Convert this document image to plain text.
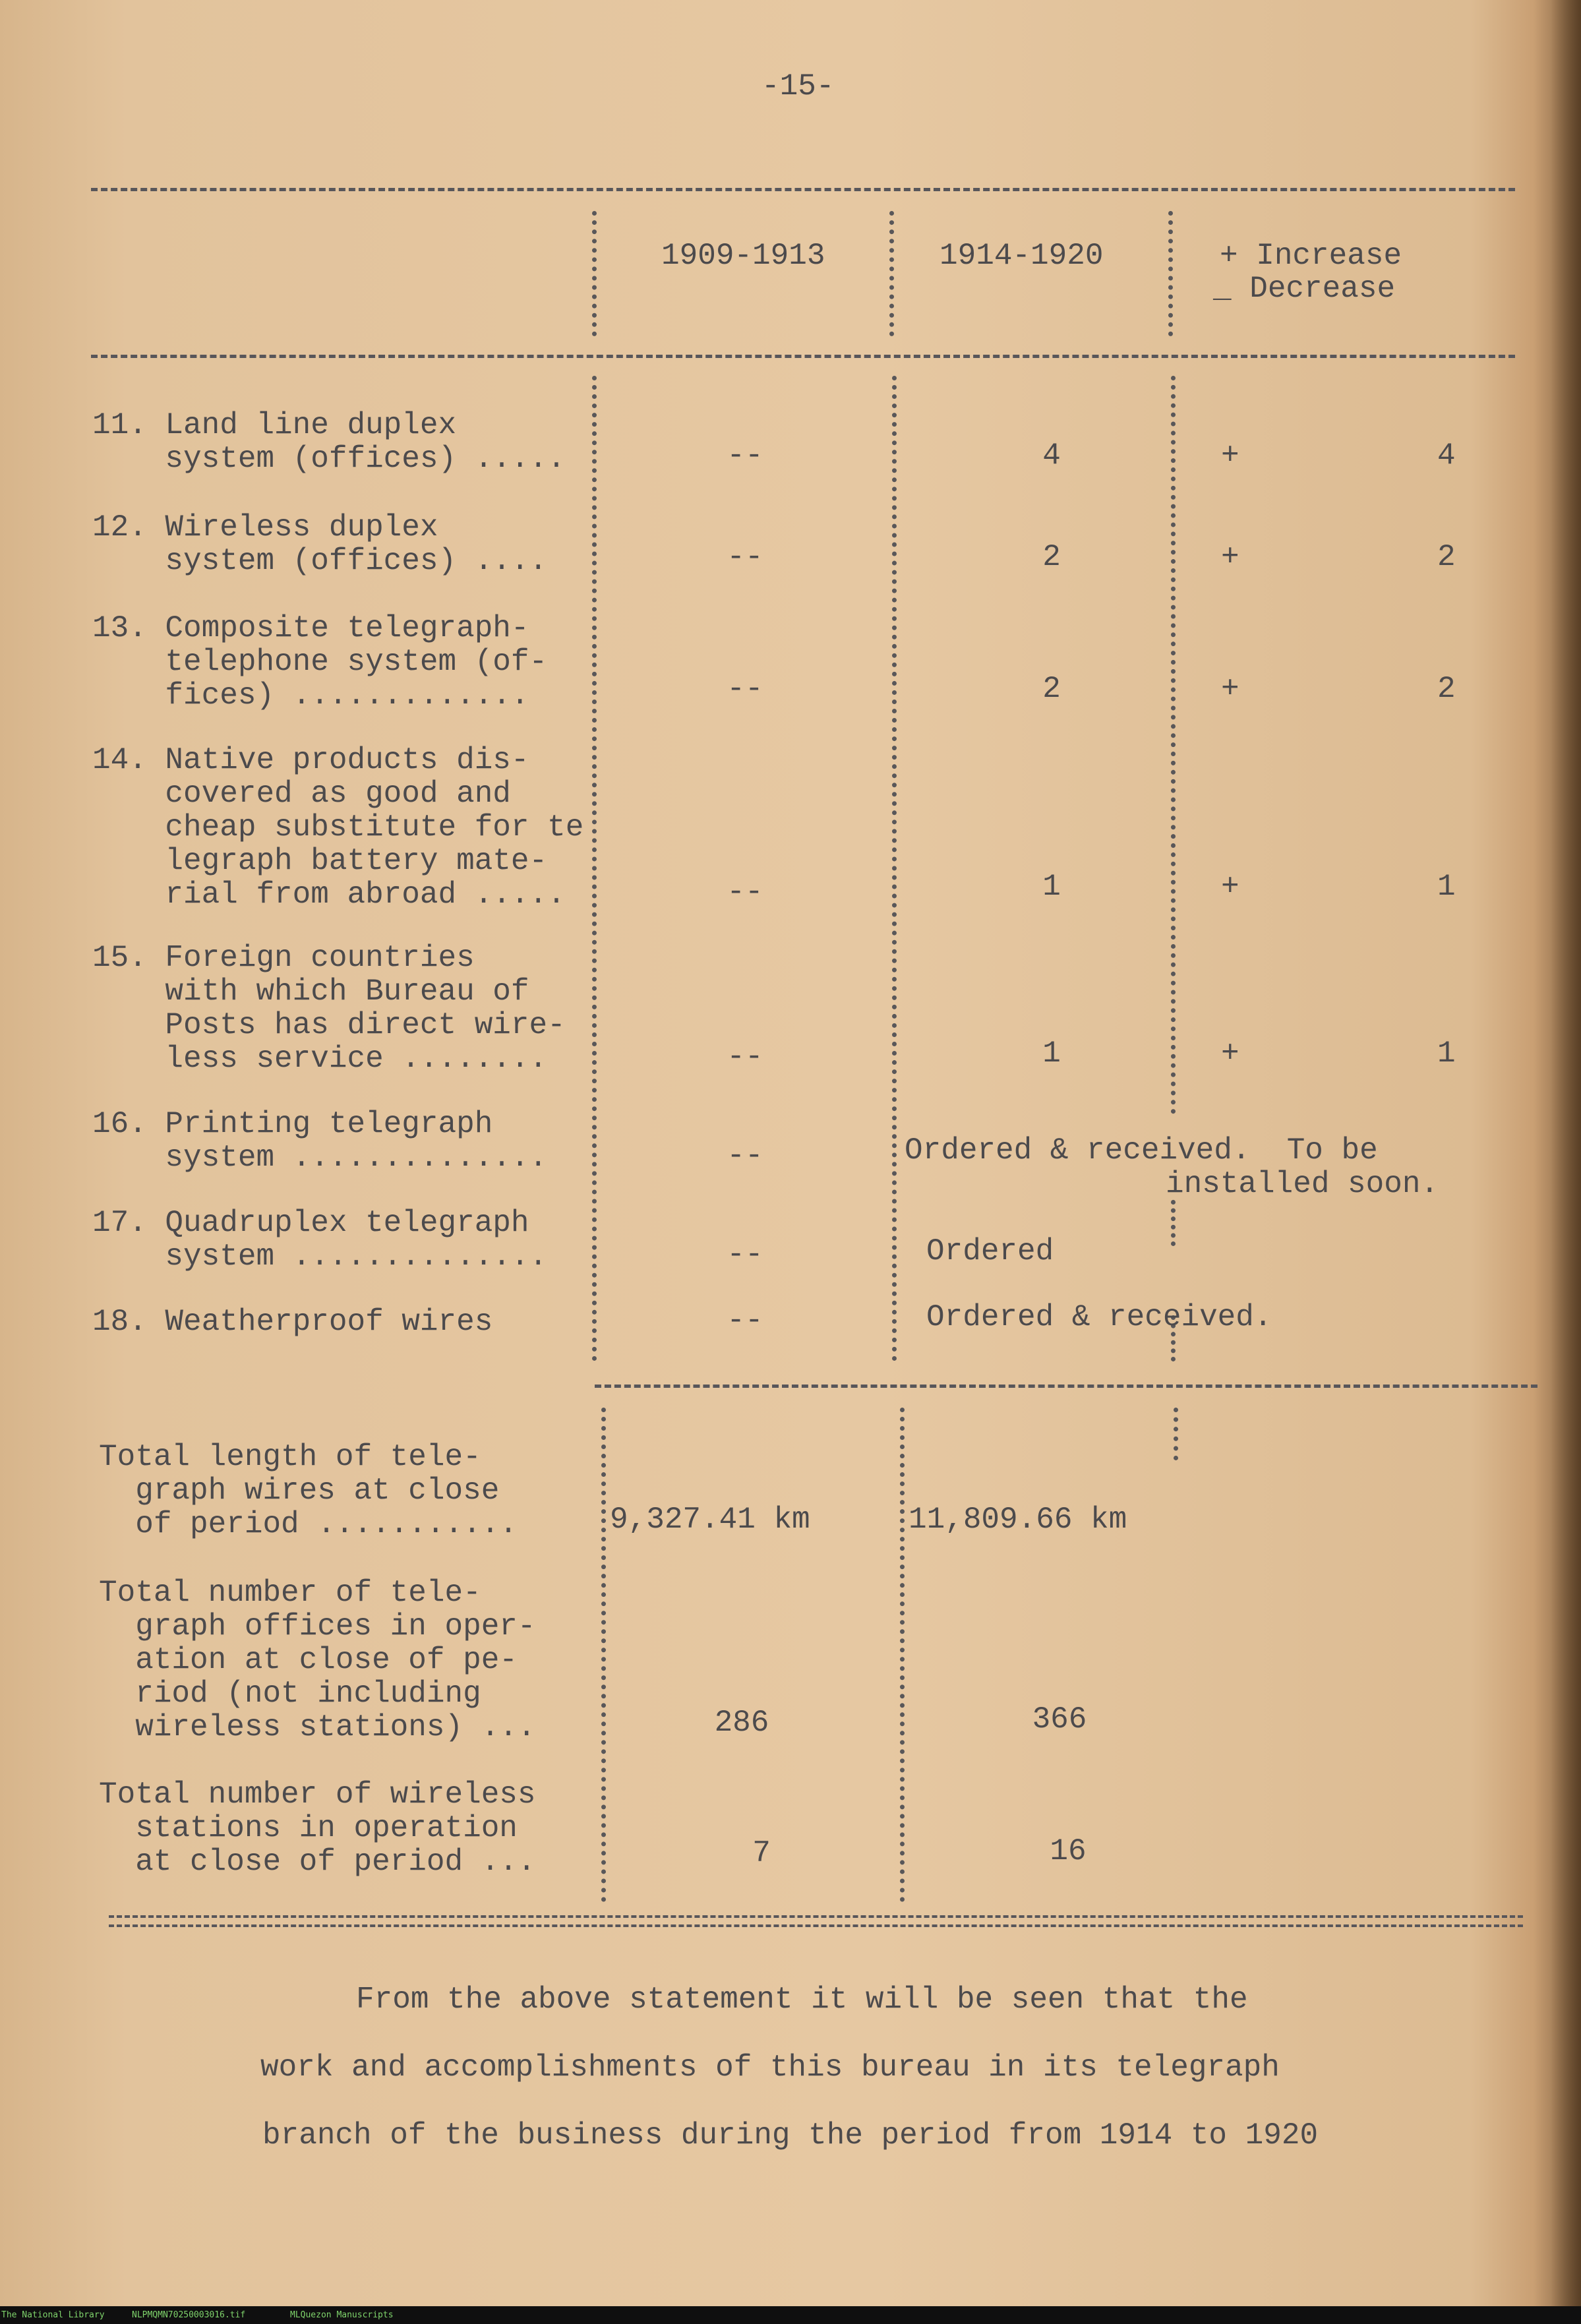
-15-
1909-1913	1914-1920	+ Increase
_ Decrease
11. Land line duplex
system (offices) .....	--	4	+	4
12. Wireless duplex
system (offices) ....	--	2	+	2
13. Composite telegraph-
telephone system (of-
fices) .............	--	2	+	2
14. Native products dis-
covered as good and
cheap substitute for te
legraph battery mate-
rial from abroad .....	--	1	+	1
15. Foreign countries
with which Bureau of
Posts has direct wire-
less service ........	--	1	+	1
16. Printing telegraph
system ..............	--	Ordered & received.  To be
installed soon.
17. Quadruplex telegraph
system ..............	--	Ordered
18. Weatherproof wires	--	Ordered & received.
Total length of tele-
graph wires at close
of period ...........	9,327.41 km	11,809.66 km
Total number of tele-
graph offices in oper-
ation at close of pe-
riod (not including
wireless stations) ...	286	366
Total number of wireless
stations in operation
at close of period ...	7	16
From the above statement it will be seen that the
work and accomplishments of this bureau in its telegraph
branch of the business during the period from 1914 to 1920
The National Library	NLPMQMN70250003016.tif	MLQuezon Manuscripts
